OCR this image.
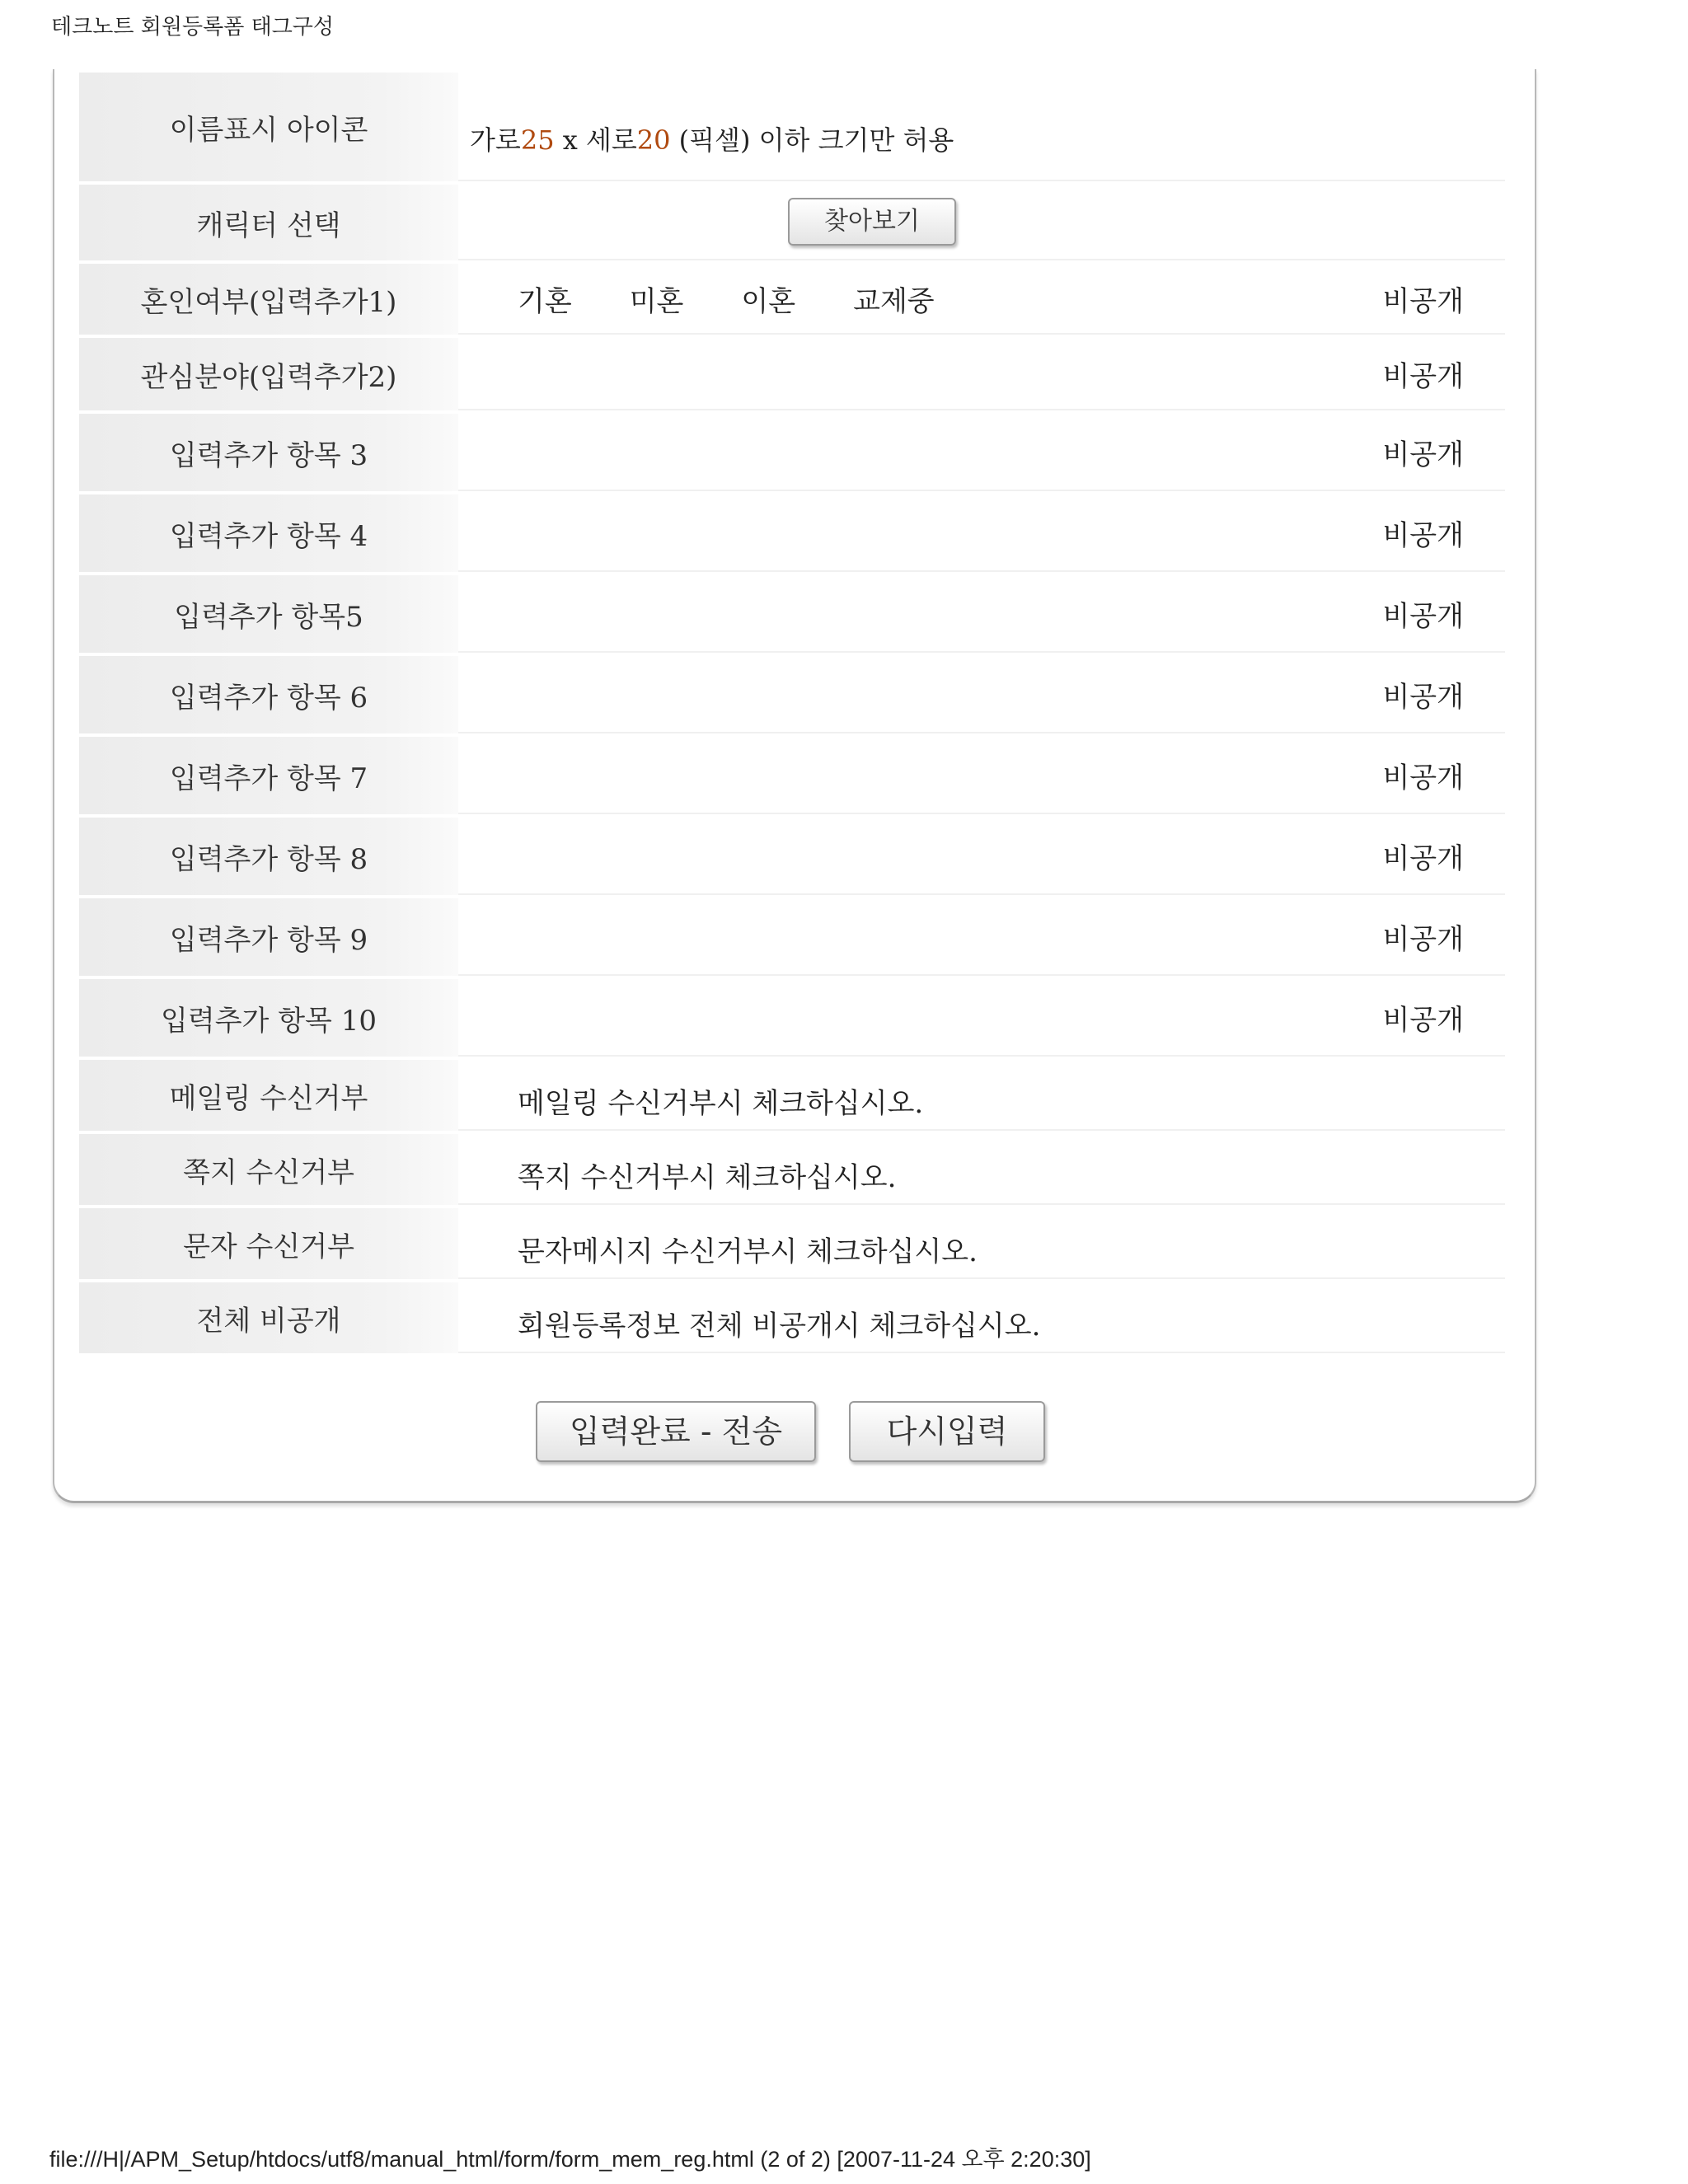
테크노트 회원등록폼 태그구성
이름표시 아이콘	가로25 x 세로20 (픽셀) 이하 크기만 허용

캐릭터 선택	찾아보기

혼인여부(입력추가1)	기혼 미혼 이혼 교제중 비공개

관심분야(입력추가2)	비공개

입력추가 항목 3	비공개

입력추가 항목 4	비공개

입력추가 항목5	비공개

입력추가 항목 6	비공개

입력추가 항목 7	비공개

입력추가 항목 8	비공개

입력추가 항목 9	비공개

입력추가 항목 10	비공개

메일링 수신거부	메일링 수신거부시 체크하십시오.

쪽지 수신거부	쪽지 수신거부시 체크하십시오.

문자 수신거부	문자메시지 수신거부시 체크하십시오.

전체 비공개	회원등록정보 전체 비공개시 체크하십시오.
입력완료 - 전송	다시입력
file:///H|/APM_Setup/htdocs/utf8/manual_html/form/form_mem_reg.html (2 of 2) [2007-11-24 오후 2:20:30]
